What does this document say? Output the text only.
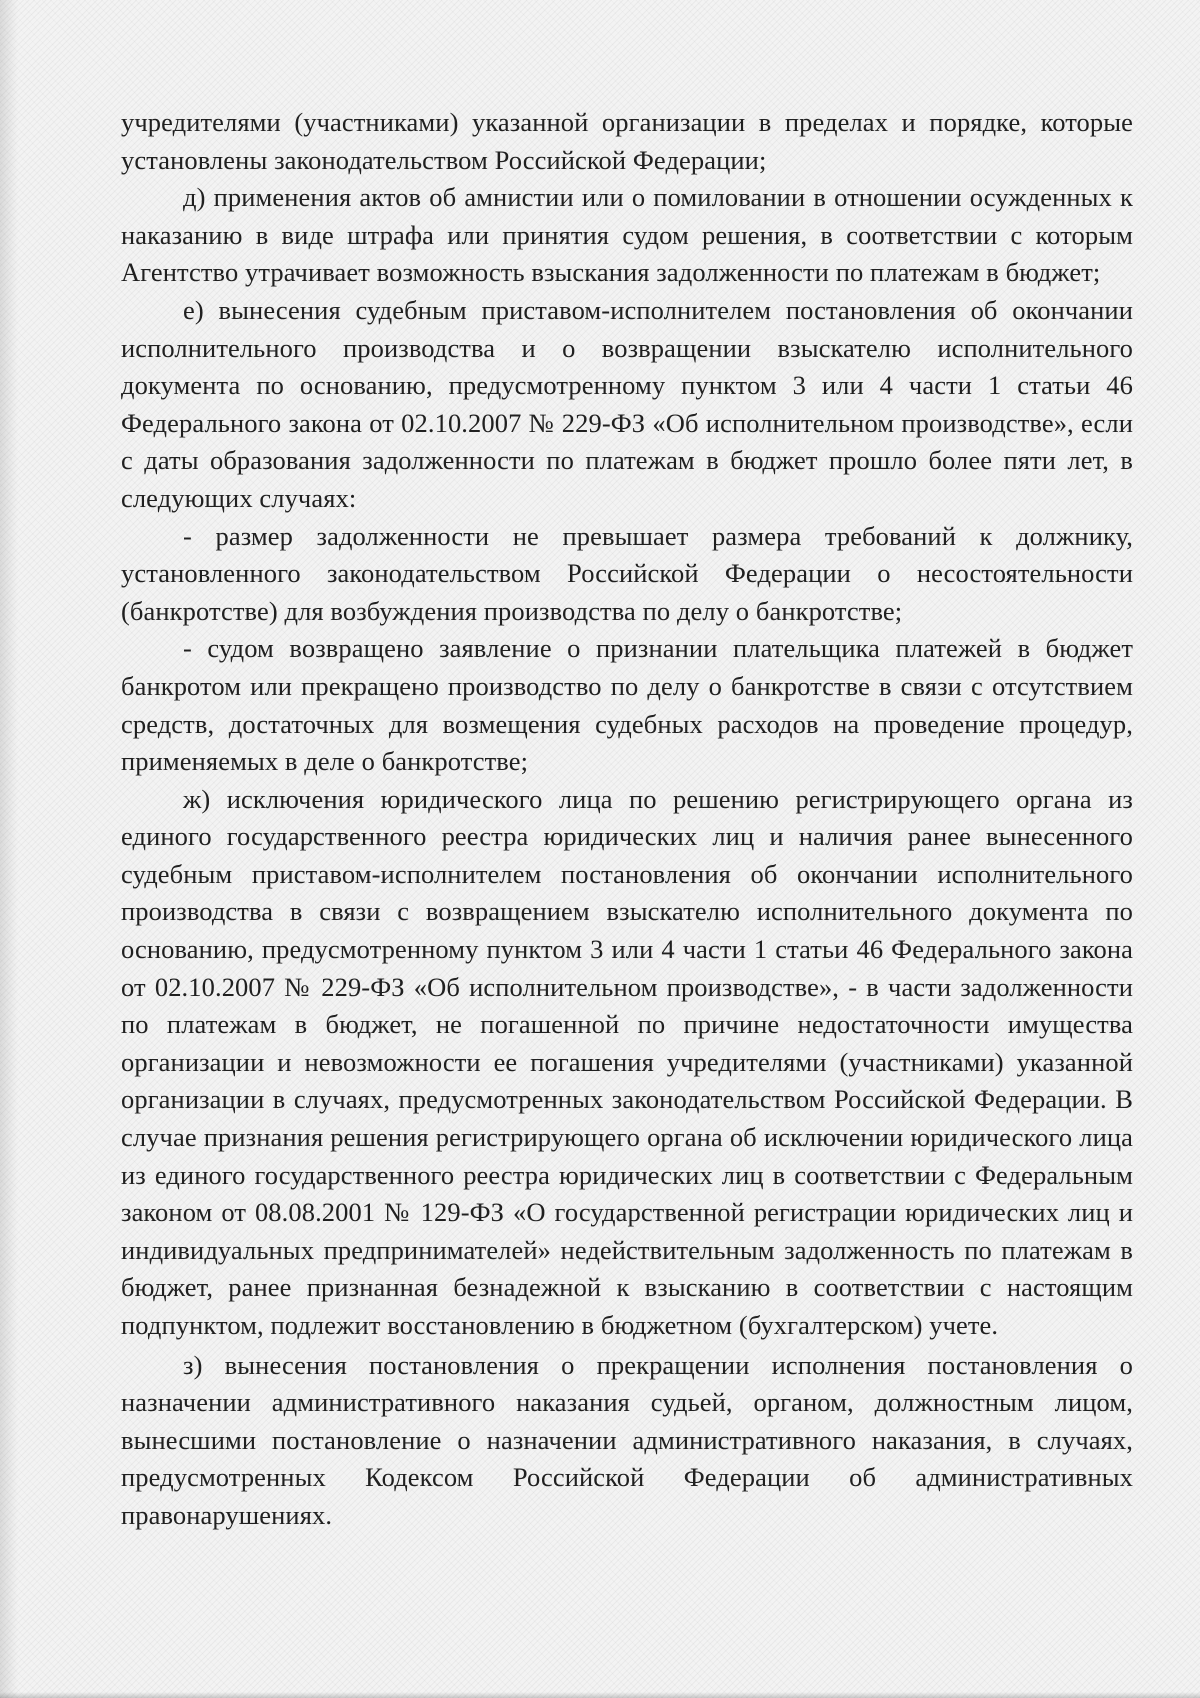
учредителями (участниками) указанной организации в пределах и порядке, которые установлены законодательством Российской Федерации;

д) применения актов об амнистии или о помиловании в отношении осужденных к наказанию в виде штрафа или принятия судом решения, в соответствии с которым Агентство утрачивает возможность взыскания задолженности по платежам в бюджет;

е) вынесения судебным приставом-исполнителем постановления об окончании исполнительного производства и о возвращении взыскателю исполнительного документа по основанию, предусмотренному пунктом 3 или 4 части 1 статьи 46 Федерального закона от 02.10.2007 № 229-ФЗ «Об исполнительном производстве», если с даты образования задолженности по платежам в бюджет прошло более пяти лет, в следующих случаях:

- размер задолженности не превышает размера требований к должнику, установленного законодательством Российской Федерации о несостоятельности (банкротстве) для возбуждения производства по делу о банкротстве;

- судом возвращено заявление о признании плательщика платежей в бюджет банкротом или прекращено производство по делу о банкротстве в связи с отсутствием средств, достаточных для возмещения судебных расходов на проведение процедур, применяемых в деле о банкротстве;

ж) исключения юридического лица по решению регистрирующего органа из единого государственного реестра юридических лиц и наличия ранее вынесенного судебным приставом-исполнителем постановления об окончании исполнительного производства в связи с возвращением взыскателю исполнительного документа по основанию, предусмотренному пунктом 3 или 4 части 1 статьи 46 Федерального закона от 02.10.2007 № 229-ФЗ «Об исполнительном производстве», - в части задолженности по платежам в бюджет, не погашенной по причине недостаточности имущества организации и невозможности ее погашения учредителями (участниками) указанной организации в случаях, предусмотренных законодательством Российской Федерации. В случае признания решения регистрирующего органа об исключении юридического лица из единого государственного реестра юридических лиц в соответствии с Федеральным законом от 08.08.2001 № 129-ФЗ «О государственной регистрации юридических лиц и индивидуальных предпринимателей» недействительным задолженность по платежам в бюджет, ранее признанная безнадежной к взысканию в соответствии с настоящим подпунктом, подлежит восстановлению в бюджетном (бухгалтерском) учете.

з) вынесения постановления о прекращении исполнения постановления о назначении административного наказания судьей, органом, должностным лицом, вынесшими постановление о назначении административного наказания, в случаях, предусмотренных Кодексом Российской Федерации об административных правонарушениях.
